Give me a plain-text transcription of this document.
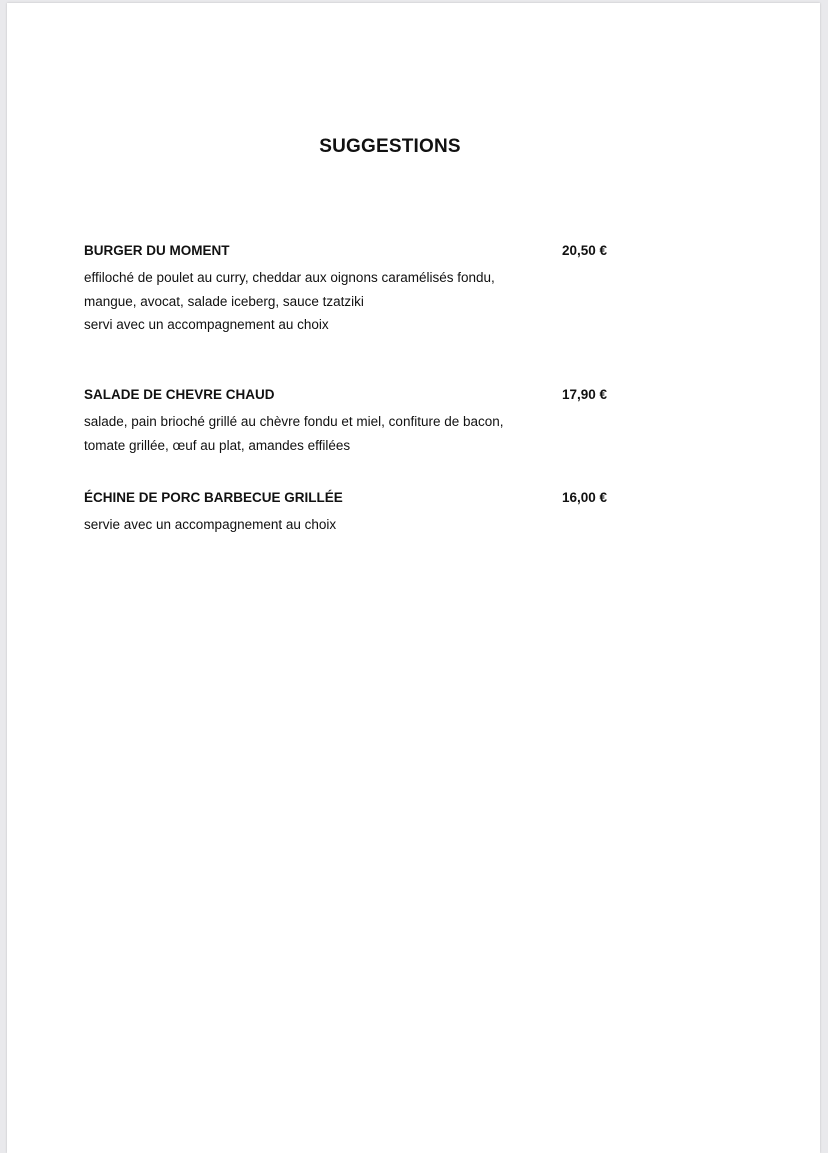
SUGGESTIONS
BURGER DU MOMENT	20,50 €
effiloché de poulet au curry, cheddar aux oignons caramélisés fondu,
mangue, avocat, salade iceberg, sauce tzatziki
servi avec un accompagnement au choix
SALADE DE CHEVRE CHAUD	17,90 €
salade, pain brioché grillé au chèvre fondu et miel, confiture de bacon,
tomate grillée, œuf au plat, amandes effilées
ÉCHINE DE PORC BARBECUE GRILLÉE	16,00 €
servie avec un accompagnement au choix
